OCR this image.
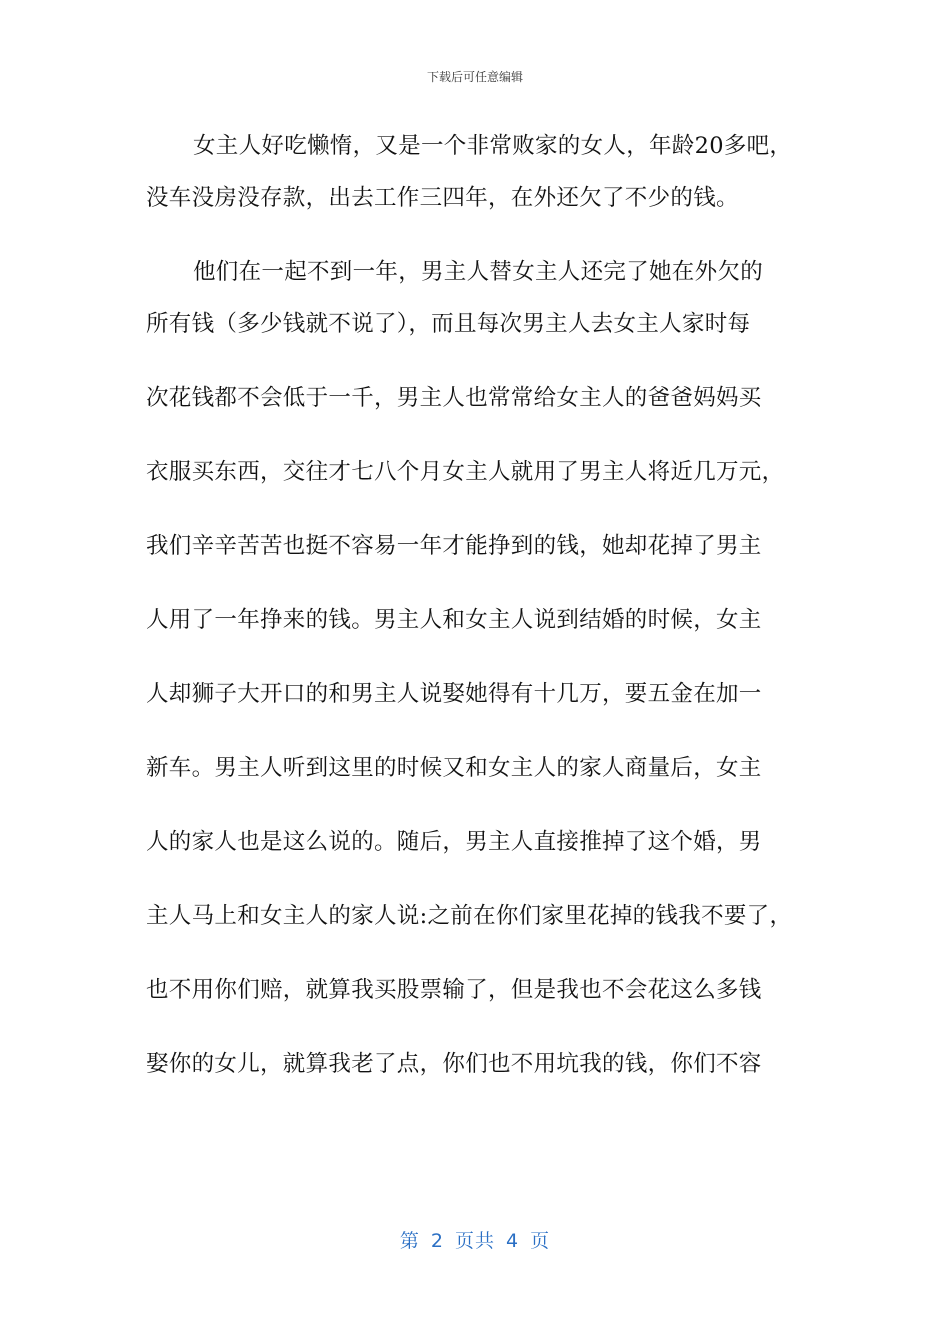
下载后可任意编辑
女主人好吃懒惰，又是一个非常败家的女人，年龄20多吧，
没车没房没存款，出去工作三四年，在外还欠了不少的钱。
他们在一起不到一年，男主人替女主人还完了她在外欠的
所有钱（多少钱就不说了），而且每次男主人去女主人家时每
次花钱都不会低于一千，男主人也常常给女主人的爸爸妈妈买
衣服买东西，交往才七八个月女主人就用了男主人将近几万元，
我们辛辛苦苦也挺不容易一年才能挣到的钱，她却花掉了男主
人用了一年挣来的钱。男主人和女主人说到结婚的时候，女主
人却狮子大开口的和男主人说娶她得有十几万，要五金在加一
新车。男主人听到这里的时候又和女主人的家人商量后，女主
人的家人也是这么说的。随后，男主人直接推掉了这个婚，男
主人马上和女主人的家人说:之前在你们家里花掉的钱我不要了，
也不用你们赔，就算我买股票输了，但是我也不会花这么多钱
娶你的女儿，就算我老了点，你们也不用坑我的钱，你们不容
第 2 页共 4 页
